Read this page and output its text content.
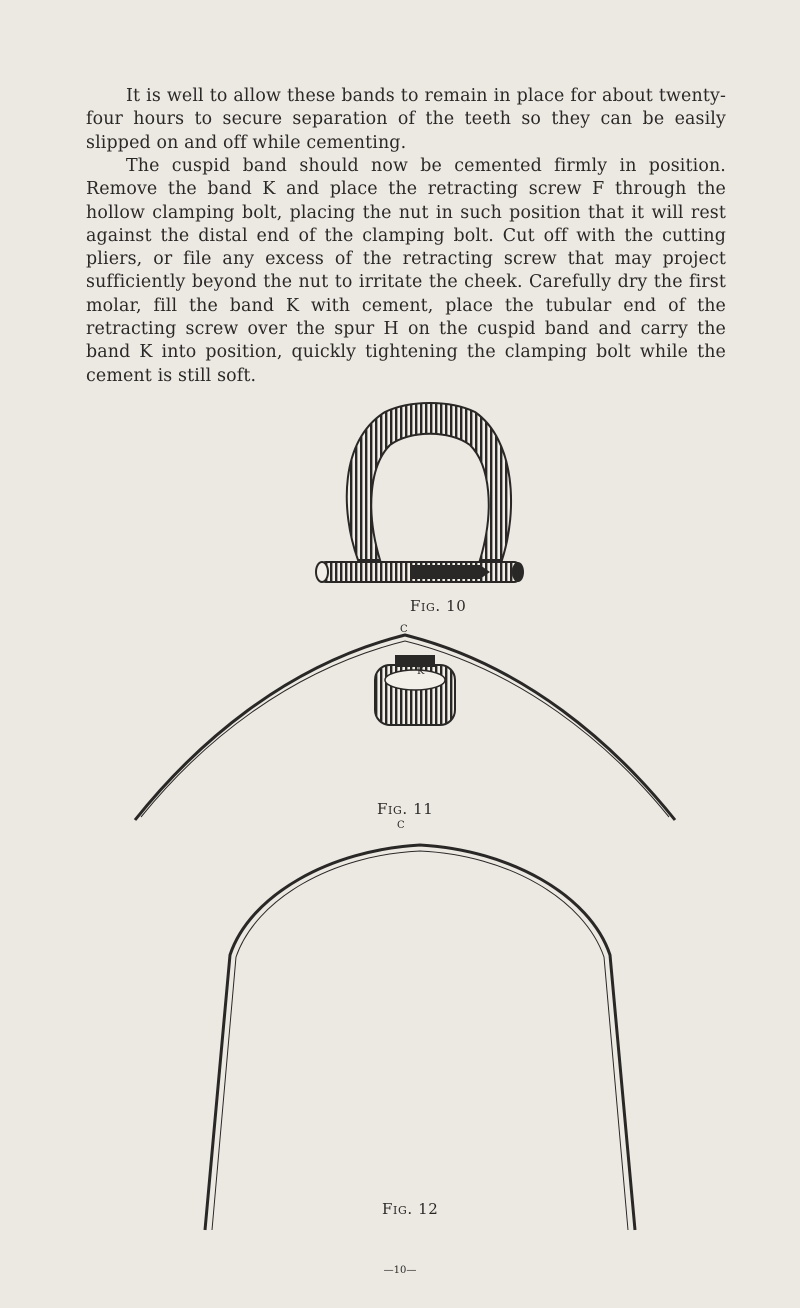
It is well to allow these bands to remain in place for about twenty-four hours to secure separation of the teeth so they can be easily slipped on and off while cementing.

The cuspid band should now be cemented firmly in position. Remove the band K and place the retracting screw F through the hollow clamping bolt, placing the nut in such position that it will rest against the distal end of the clamping bolt. Cut off with the cutting pliers, or file any excess of the retracting screw that may project sufficiently beyond the nut to irritate the cheek. Carefully dry the first molar, fill the band K with cement, place the tubular end of the retracting screw over the spur H on the cuspid band and carry the band K into position, quickly tightening the clamping bolt while the cement is still soft.

Fig. 10

C

K

Fig. 11

C

Fig. 12

—10—
